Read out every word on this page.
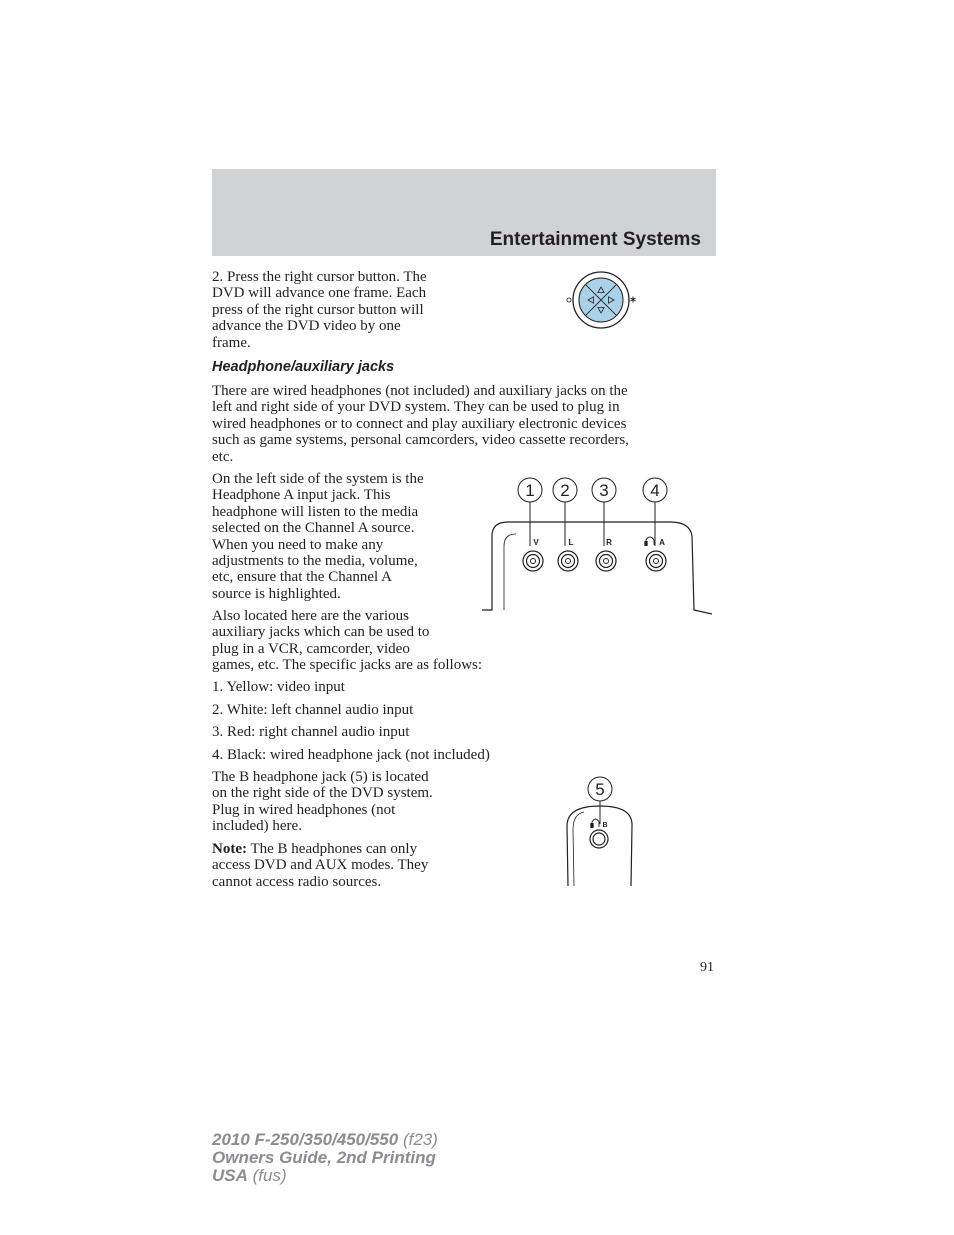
Entertainment Systems

2. Press the right cursor button. The
DVD will advance one frame. Each
press of the right cursor button will
advance the DVD video by one
frame.

Headphone/auxiliary jacks

There are wired headphones (not included) and auxiliary jacks on the
left and right side of your DVD system. They can be used to plug in
wired headphones or to connect and play auxiliary electronic devices
such as game systems, personal camcorders, video cassette recorders,
etc.

On the left side of the system is the
Headphone A input jack. This
headphone will listen to the media
selected on the Channel A source.
When you need to make any
adjustments to the media, volume,
etc, ensure that the Channel A
source is highlighted.

1 2 3 4
V	L	R	A

Also located here are the various
auxiliary jacks which can be used to
plug in a VCR, camcorder, video
games, etc. The specific jacks are as follows:

1. Yellow: video input
2. White: left channel audio input
3. Red: right channel audio input
4. Black: wired headphone jack (not included)

The B headphone jack (5) is located
on the right side of the DVD system.
Plug in wired headphones (not
included) here.

Note: The B headphones can only
access DVD and AUX modes. They
cannot access radio sources.

5
B
91
2010 F-250/350/450/550 (f23)
Owners Guide, 2nd Printing
USA (fus)
